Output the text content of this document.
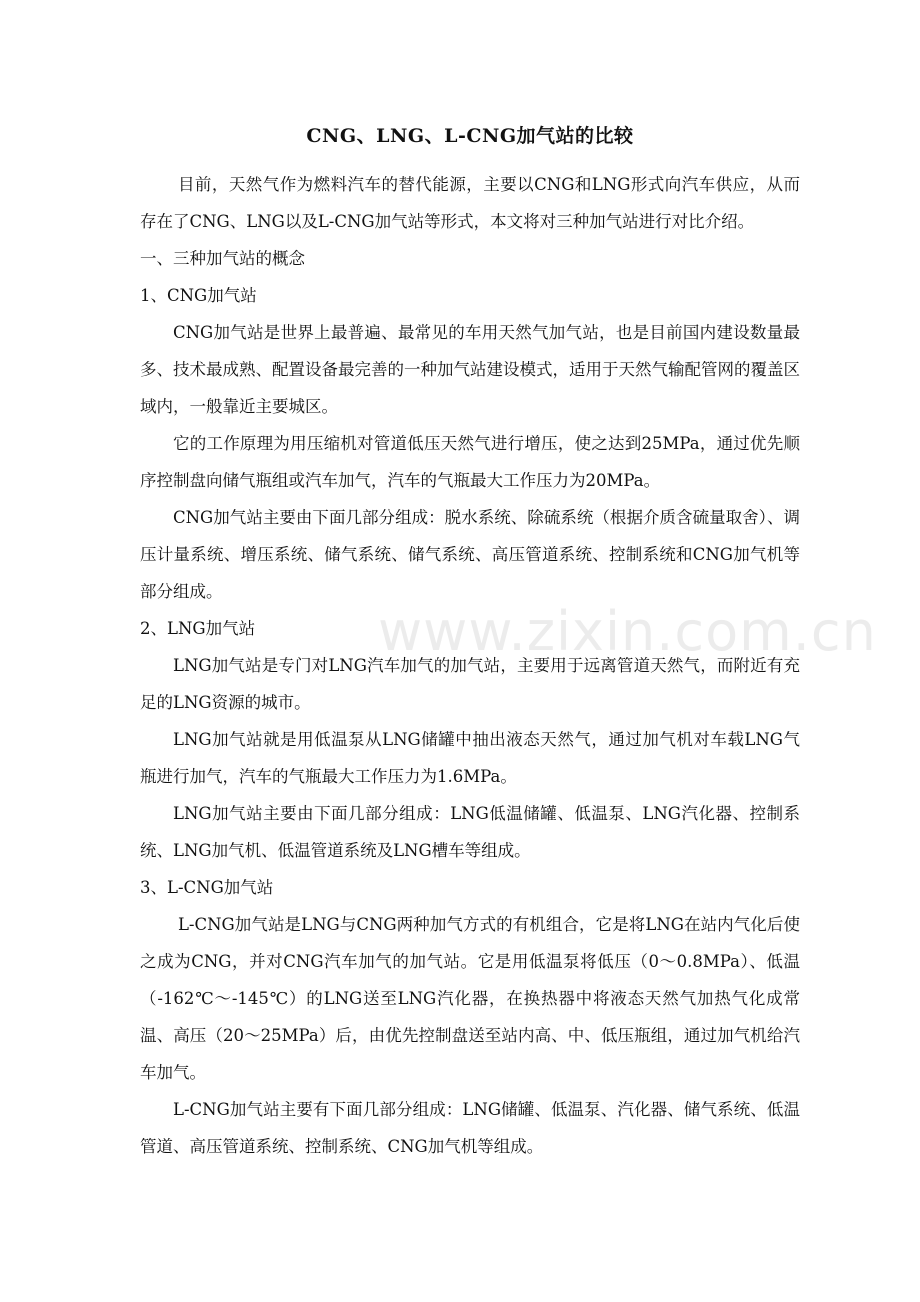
CNG、LNG、L-CNG加气站的比较

目前，天然气作为燃料汽车的替代能源，主要以CNG和LNG形式向汽车供应，从而存在了CNG、LNG以及L-CNG加气站等形式，本文将对三种加气站进行对比介绍。

一、三种加气站的概念

1、CNG加气站

CNG加气站是世界上最普遍、最常见的车用天然气加气站，也是目前国内建设数量最多、技术最成熟、配置设备最完善的一种加气站建设模式，适用于天然气输配管网的覆盖区域内，一般靠近主要城区。

它的工作原理为用压缩机对管道低压天然气进行增压，使之达到25MPa，通过优先顺序控制盘向储气瓶组或汽车加气，汽车的气瓶最大工作压力为20MPa。

CNG加气站主要由下面几部分组成：脱水系统、除硫系统（根据介质含硫量取舍）、调压计量系统、增压系统、储气系统、储气系统、高压管道系统、控制系统和CNG加气机等部分组成。

2、LNG加气站

LNG加气站是专门对LNG汽车加气的加气站，主要用于远离管道天然气，而附近有充足的LNG资源的城市。

LNG加气站就是用低温泵从LNG储罐中抽出液态天然气，通过加气机对车载LNG气瓶进行加气，汽车的气瓶最大工作压力为1.6MPa。

LNG加气站主要由下面几部分组成：LNG低温储罐、低温泵、LNG汽化器、控制系统、LNG加气机、低温管道系统及LNG槽车等组成。

3、L-CNG加气站

L-CNG加气站是LNG与CNG两种加气方式的有机组合，它是将LNG在站内气化后使之成为CNG，并对CNG汽车加气的加气站。它是用低温泵将低压（0～0.8MPa）、低温（-162℃～-145℃）的LNG送至LNG汽化器，在换热器中将液态天然气加热气化成常温、高压（20～25MPa）后，由优先控制盘送至站内高、中、低压瓶组，通过加气机给汽车加气。

L-CNG加气站主要有下面几部分组成：LNG储罐、低温泵、汽化器、储气系统、低温管道、高压管道系统、控制系统、CNG加气机等组成。

www.zixin.com.cn
